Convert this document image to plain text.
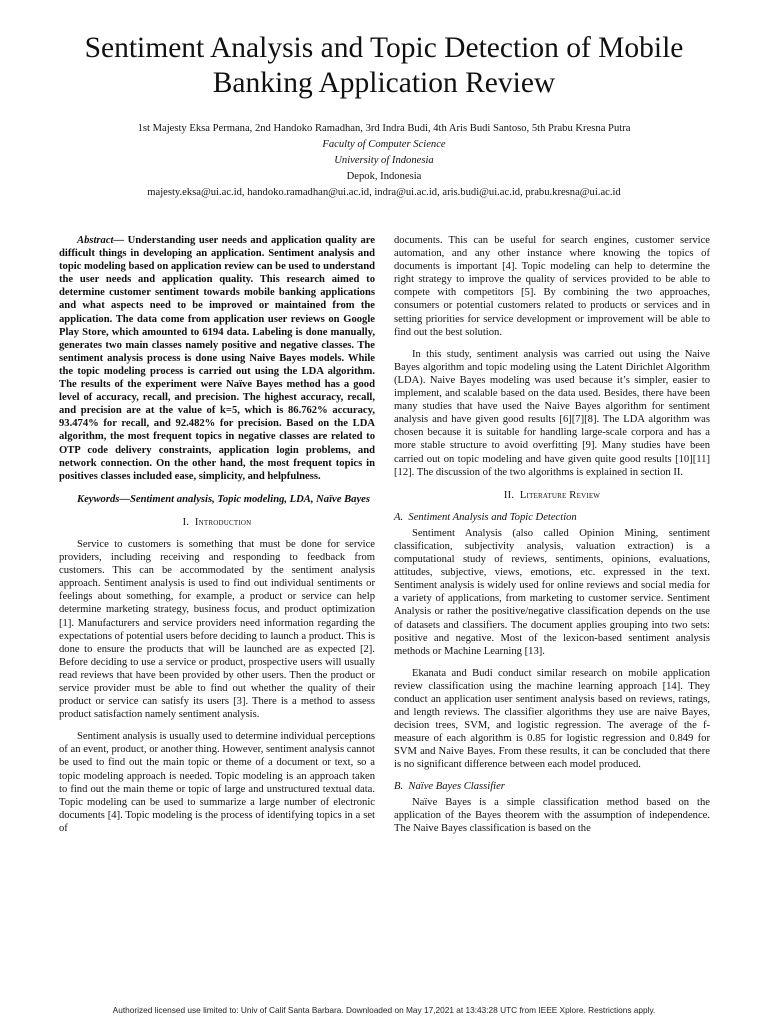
Sentiment Analysis and Topic Detection of Mobile Banking Application Review
1st Majesty Eksa Permana, 2nd Handoko Ramadhan, 3rd Indra Budi, 4th Aris Budi Santoso, 5th Prabu Kresna Putra
Faculty of Computer Science
University of Indonesia
Depok, Indonesia
majesty.eksa@ui.ac.id, handoko.ramadhan@ui.ac.id, indra@ui.ac.id, aris.budi@ui.ac.id, prabu.kresna@ui.ac.id

Abstract— Understanding user needs and application quality are difficult things in developing an application. Sentiment analysis and topic modeling based on application review can be used to understand the user needs and application quality. This research aimed to determine customer sentiment towards mobile banking applications and what aspects need to be improved or maintained from the application. The data come from application user reviews on Google Play Store, which amounted to 6194 data. Labeling is done manually, generates two main classes namely positive and negative classes. The sentiment analysis process is done using Naive Bayes models. While the topic modeling process is carried out using the LDA algorithm. The results of the experiment were Naïve Bayes method has a good level of accuracy, recall, and precision. The highest accuracy, recall, and precision are at the value of k=5, which is 86.762% accuracy, 93.474% for recall, and 92.482% for precision. Based on the LDA algorithm, the most frequent topics in negative classes are related to OTP code delivery constraints, application login problems, and network connection. On the other hand, the most frequent topics in positives classes included ease, simplicity, and helpfulness.

Keywords—Sentiment analysis, Topic modeling, LDA, Naïve Bayes

I. Introduction

Service to customers is something that must be done for service providers, including receiving and responding to feedback from customers. This can be accommodated by the sentiment analysis approach. Sentiment analysis is used to find out individual sentiments or feelings about something, for example, a product or service can help determine marketing strategy, business focus, and product optimization [1]. Manufacturers and service providers need information regarding the expectations of potential users before deciding to launch a product. This is done to ensure the products that will be launched are as expected [2]. Before deciding to use a service or product, prospective users will usually read reviews that have been provided by other users. Then the product or service provider must be able to find out whether the quality of their product or service can satisfy its users [3]. There is a method to assess product satisfaction namely sentiment analysis.

Sentiment analysis is usually used to determine individual perceptions of an event, product, or another thing. However, sentiment analysis cannot be used to find out the main topic or theme of a document or text, so a topic modeling approach is needed. Topic modeling is an approach taken to find out the main theme or topic of large and unstructured textual data. Topic modeling can be used to summarize a large number of electronic documents [4]. Topic modeling is the process of identifying topics in a set of

documents. This can be useful for search engines, customer service automation, and any other instance where knowing the topics of documents is important [4]. Topic modeling can help to determine the right strategy to improve the quality of services provided to be able to compete with competitors [5]. By combining the two approaches, consumers or potential customers related to products or services and in setting priorities for service development or improvement will be able to find out the best solution.

In this study, sentiment analysis was carried out using the Naive Bayes algorithm and topic modeling using the Latent Dirichlet Algorithm (LDA). Naive Bayes modeling was used because it’s simpler, easier to implement, and scalable based on the data used. Besides, there have been many studies that have used the Naive Bayes algorithm for sentiment analysis and have given good results [6][7][8]. The LDA algorithm was chosen because it is suitable for handling large-scale corpora and has a more stable structure to avoid overfitting [9]. Many studies have been carried out on topic modeling and have given quite good results [10][11][12]. The discussion of the two algorithms is explained in section II.

II. Literature Review

A. Sentiment Analysis and Topic Detection

Sentiment Analysis (also called Opinion Mining, sentiment classification, subjectivity analysis, valuation extraction) is a computational study of reviews, sentiments, opinions, evaluations, attitudes, subjective, views, emotions, etc. expressed in the text. Sentiment analysis is widely used for online reviews and social media for a variety of applications, from marketing to customer service. Sentiment Analysis or rather the positive/negative classification depends on the use of datasets and classifiers. The document applies grouping into two sets: positive and negative. Most of the lexicon-based sentiment analysis methods or Machine Learning [13].

Ekanata and Budi conduct similar research on mobile application review classification using the machine learning approach [14]. They conduct an application user sentiment analysis based on reviews, ratings, and length reviews. The classifier algorithms they use are naive Bayes, decision trees, SVM, and logistic regression. The average of the f-measure of each algorithm is 0.85 for logistic regression and 0.849 for SVM and Naive Bayes. From these results, it can be concluded that there is no significant difference between each model produced.

B. Naïve Bayes Classifier

Naïve Bayes is a simple classification method based on the application of the Bayes theorem with the assumption of independence. The Naive Bayes classification is based on the

Authorized licensed use limited to: Univ of Calif Santa Barbara. Downloaded on May 17,2021 at 13:43:28 UTC from IEEE Xplore. Restrictions apply.
